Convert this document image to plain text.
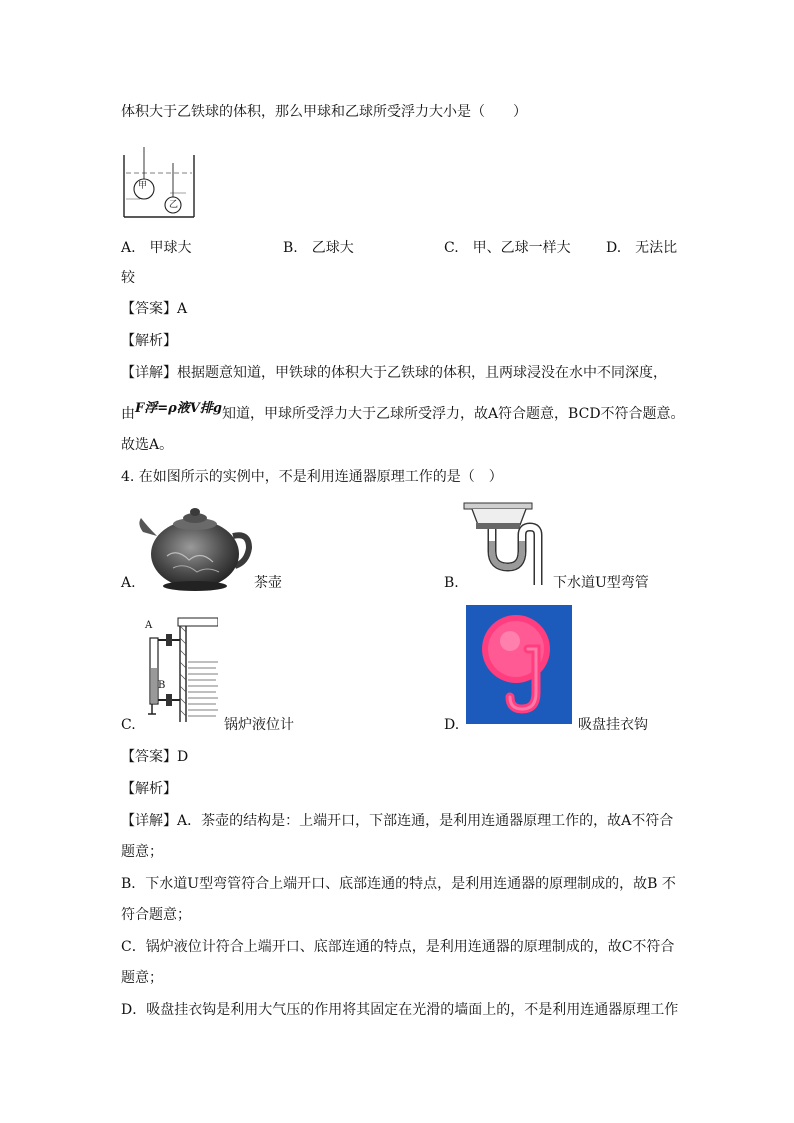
体积大于乙铁球的体积，那么甲球和乙球所受浮力大小是（　　）
甲
乙
A.　甲球大	B.　乙球大	C.　甲、乙球一样大	D.　无法比
较
【答案】A
【解析】
【详解】根据题意知道，甲铁球的体积大于乙铁球的体积，且两球浸没在水中不同深度，
由F浮=ρ液V排g知道，甲球所受浮力大于乙球所受浮力，故A符合题意，BCD不符合题意。
故选A。
4. 在如图所示的实例中，不是利用连通器原理工作的是（　）
A.	茶壶	B.	下水道U型弯管
A
B
C.	锅炉液位计	D.	吸盘挂衣钩
【答案】D
【解析】
【详解】A．茶壶的结构是：上端开口，下部连通，是利用连通器原理工作的，故A不符合
题意；
B．下水道U型弯管符合上端开口、底部连通的特点，是利用连通器的原理制成的，故B 不
符合题意；
C．锅炉液位计符合上端开口、底部连通的特点，是利用连通器的原理制成的，故C不符合
题意；
D．吸盘挂衣钩是利用大气压的作用将其固定在光滑的墙面上的，不是利用连通器原理工作
